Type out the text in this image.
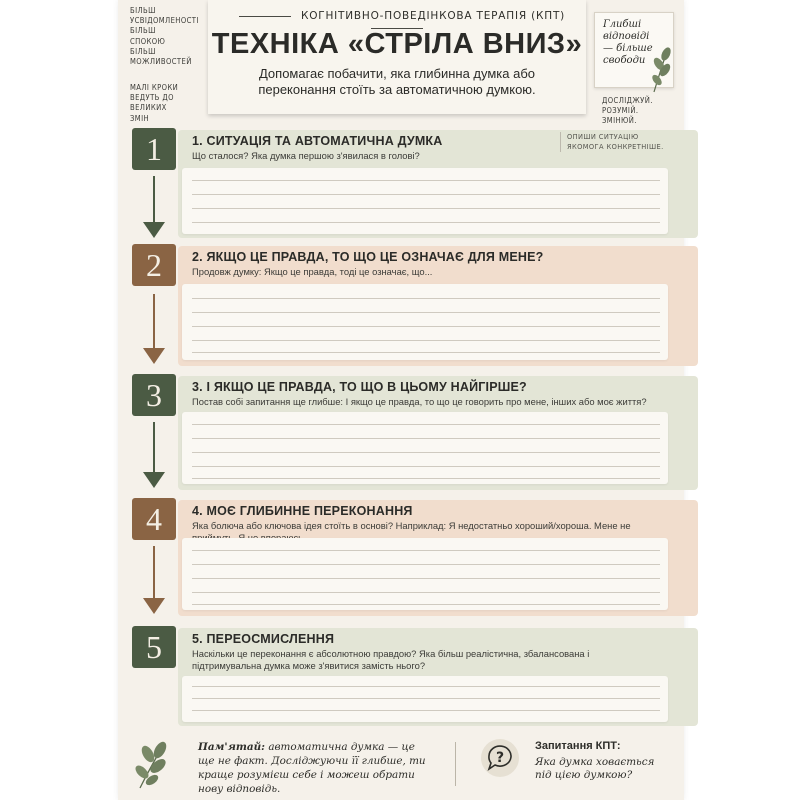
БІЛЬШ
УСВІДОМЛЕНОСТІ
БІЛЬШ
СПОКОЮ
БІЛЬШ
МОЖЛИВОСТЕЙ
МАЛІ КРОКИ
ВЕДУТЬ ДО
ВЕЛИКИХ
ЗМІН
КОГНІТИВНО-ПОВЕДІНКОВА ТЕРАПІЯ (КПТ)
ТЕХНІКА «СТРІЛА ВНИЗ»
Допомагає побачити, яка глибинна думка або переконання стоїть за автоматичною думкою.
Глибші відповіді — більше свободи
ДОСЛІДЖУЙ.
РОЗУМІЙ.
ЗМІНЮЙ.
1	1. СИТУАЦІЯ ТА АВТОМАТИЧНА ДУМКА
Що сталося? Яка думка першою з'явилася в голові?
ОПИШИ СИТУАЦІЮ ЯКОМОГА КОНКРЕТНІШЕ.
2	2. ЯКЩО ЦЕ ПРАВДА, ТО ЩО ЦЕ ОЗНАЧАЄ ДЛЯ МЕНЕ?
Продовж думку: Якщо це правда, тоді це означає, що...
3	3. І ЯКЩО ЦЕ ПРАВДА, ТО ЩО В ЦЬОМУ НАЙГІРШЕ?
Постав собі запитання ще глибше: І якщо це правда, то що це говорить про мене, інших або моє життя?
4	4. МОЄ ГЛИБИННЕ ПЕРЕКОНАННЯ
Яка болюча або ключова ідея стоїть в основі? Наприклад: Я недостатньо хороший/хороша. Мене не
5	5. ПЕРЕОСМИСЛЕННЯ
Наскільки це переконання є абсолютною правдою? Яка більш реалістична, збалансована і підтримувальна думка може з'явитися замість нього?
Пам'ятай: автоматична думка — це ще не факт. Досліджуючи її глибше, ти краще розумієш себе і можеш обрати нову відповідь.
?
Запитання КПТ:
Яка думка ховається під цією думкою?
